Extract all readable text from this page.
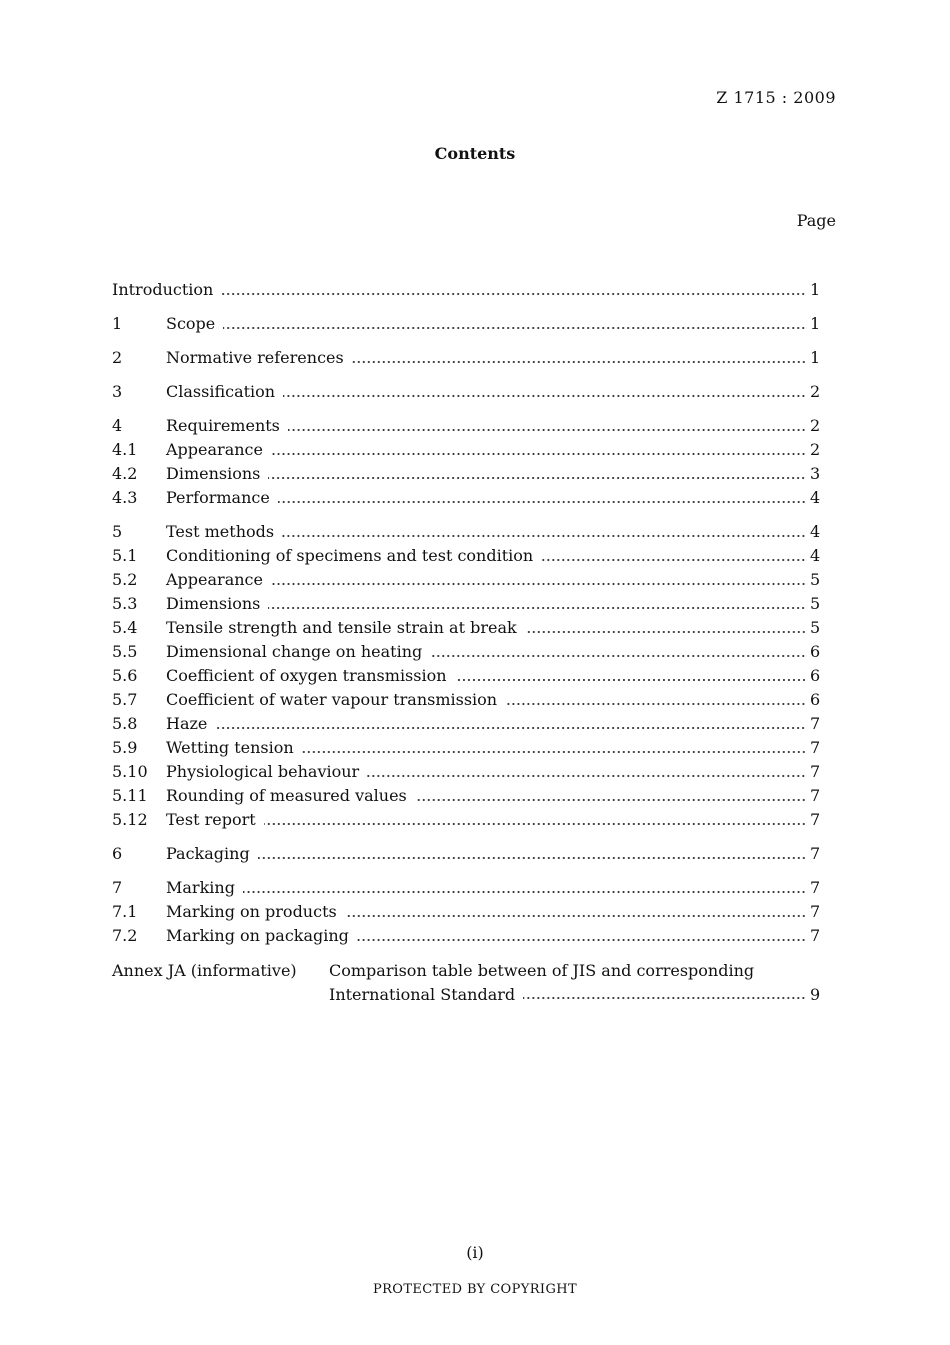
Z 1715 : 2009
Contents
Page
Introduction	1
1	Scope	1
2	Normative references	1
3	Classification	2
4	Requirements	2
4.1	Appearance	2
4.2	Dimensions	3
4.3	Performance	4
5	Test methods	4
5.1	Conditioning of specimens and test condition	4
5.2	Appearance	5
5.3	Dimensions	5
5.4	Tensile strength and tensile strain at break	5
5.5	Dimensional change on heating	6
5.6	Coefficient of oxygen transmission	6
5.7	Coefficient of water vapour transmission	6
5.8	Haze	7
5.9	Wetting tension	7
5.10	Physiological behaviour	7
5.11	Rounding of measured values	7
5.12	Test report	7
6	Packaging	7
7	Marking	7
7.1	Marking on products	7
7.2	Marking on packaging	7
Annex JA (informative)	Comparison table between of JIS and corresponding
International Standard	9
(i)
PROTECTED BY COPYRIGHT
